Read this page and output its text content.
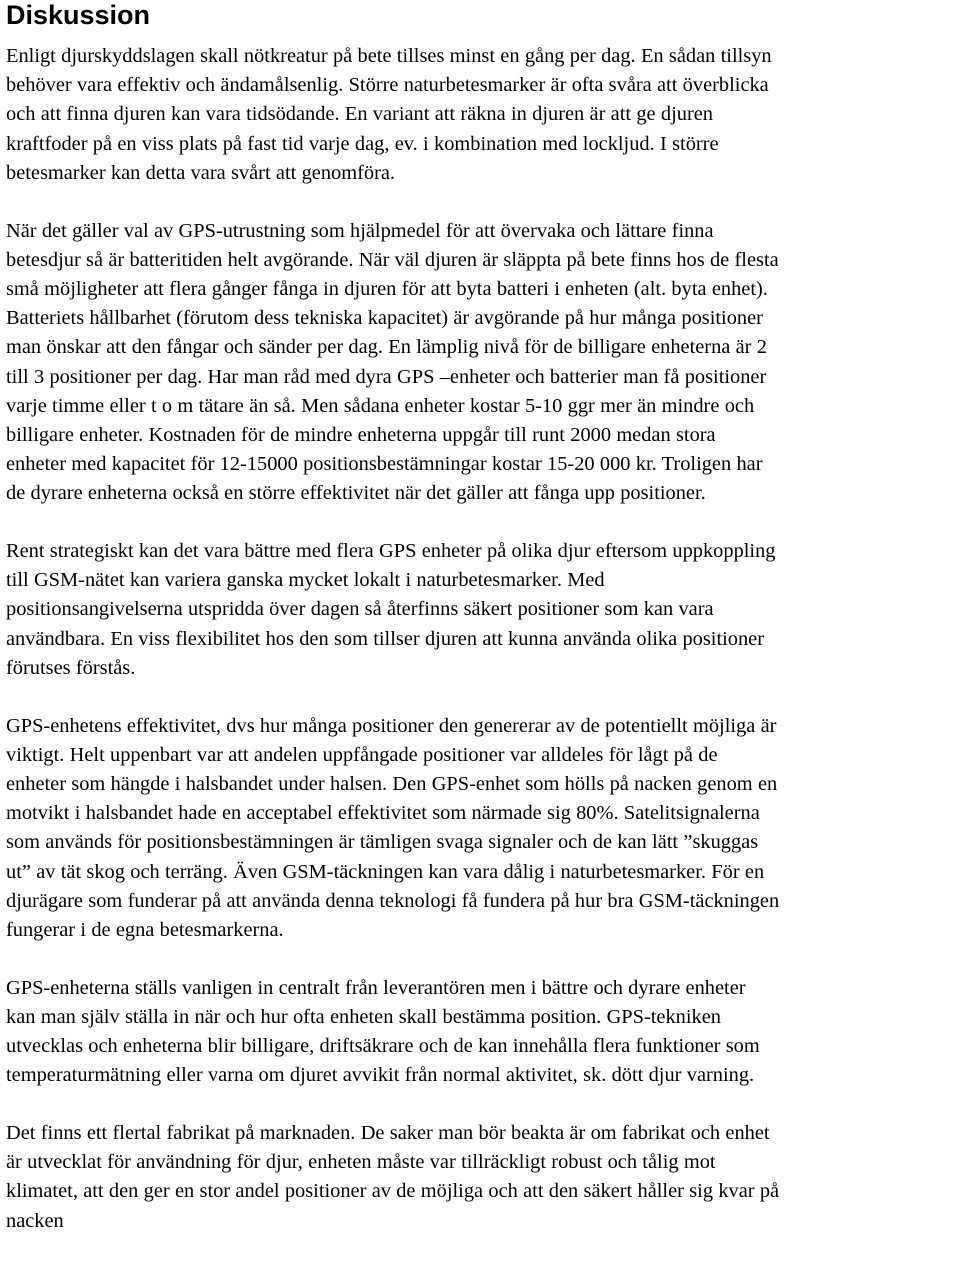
Diskussion

Enligt djurskyddslagen skall nötkreatur på bete tillses minst en gång per dag. En sådan tillsyn
behöver vara effektiv och ändamålsenlig. Större naturbetesmarker är ofta svåra att överblicka
och att finna djuren kan vara tidsödande. En variant att räkna in djuren är att ge djuren
kraftfoder på en viss plats på fast tid varje dag, ev. i kombination med lockljud. I större
betesmarker kan detta vara svårt att genomföra.

När det gäller val av GPS-utrustning som hjälpmedel för att övervaka och lättare finna
betesdjur så är batteritiden helt avgörande. När väl djuren är släppta på bete finns hos de flesta
små möjligheter att flera gånger fånga in djuren för att byta batteri i enheten (alt. byta enhet).
Batteriets hållbarhet (förutom dess tekniska kapacitet) är avgörande på hur många positioner
man önskar att den fångar och sänder per dag. En lämplig nivå för de billigare enheterna är 2
till 3 positioner per dag. Har man råd med dyra GPS –enheter och batterier man få positioner
varje timme eller t o m tätare än så. Men sådana enheter kostar 5-10 ggr mer än mindre och
billigare enheter. Kostnaden för de mindre enheterna uppgår till runt 2000 medan stora
enheter med kapacitet för 12-15000 positionsbestämningar kostar 15-20 000 kr. Troligen har
de dyrare enheterna också en större effektivitet när det gäller att fånga upp positioner.

Rent strategiskt kan det vara bättre med flera GPS enheter på olika djur eftersom uppkoppling
till GSM-nätet kan variera ganska mycket lokalt i naturbetesmarker. Med
positionsangivelserna utspridda över dagen så återfinns säkert positioner som kan vara
användbara. En viss flexibilitet hos den som tillser djuren att kunna använda olika positioner
förutses förstås.

GPS-enhetens effektivitet, dvs hur många positioner den genererar av de potentiellt möjliga är
viktigt. Helt uppenbart var att andelen uppfångade positioner var alldeles för lågt på de
enheter som hängde i halsbandet under halsen. Den GPS-enhet som hölls på nacken genom en
motvikt i halsbandet hade en acceptabel effektivitet som närmade sig 80%. Satelitsignalerna
som används för positionsbestämningen är tämligen svaga signaler och de kan lätt ”skuggas
ut” av tät skog och terräng. Även GSM-täckningen kan vara dålig i naturbetesmarker. För en
djurägare som funderar på att använda denna teknologi få fundera på hur bra GSM-täckningen
fungerar i de egna betesmarkerna.

GPS-enheterna ställs vanligen in centralt från leverantören men i bättre och dyrare enheter
kan man själv ställa in när och hur ofta enheten skall bestämma position. GPS-tekniken
utvecklas och enheterna blir billigare, driftsäkrare och de kan innehålla flera funktioner som
temperaturmätning eller varna om djuret avvikit från normal aktivitet, sk. dött djur varning.

Det finns ett flertal fabrikat på marknaden. De saker man bör beakta är om fabrikat och enhet
är utvecklat för användning för djur, enheten måste var tillräckligt robust och tålig mot
klimatet, att den ger en stor andel positioner av de möjliga och att den säkert håller sig kvar på
nacken
